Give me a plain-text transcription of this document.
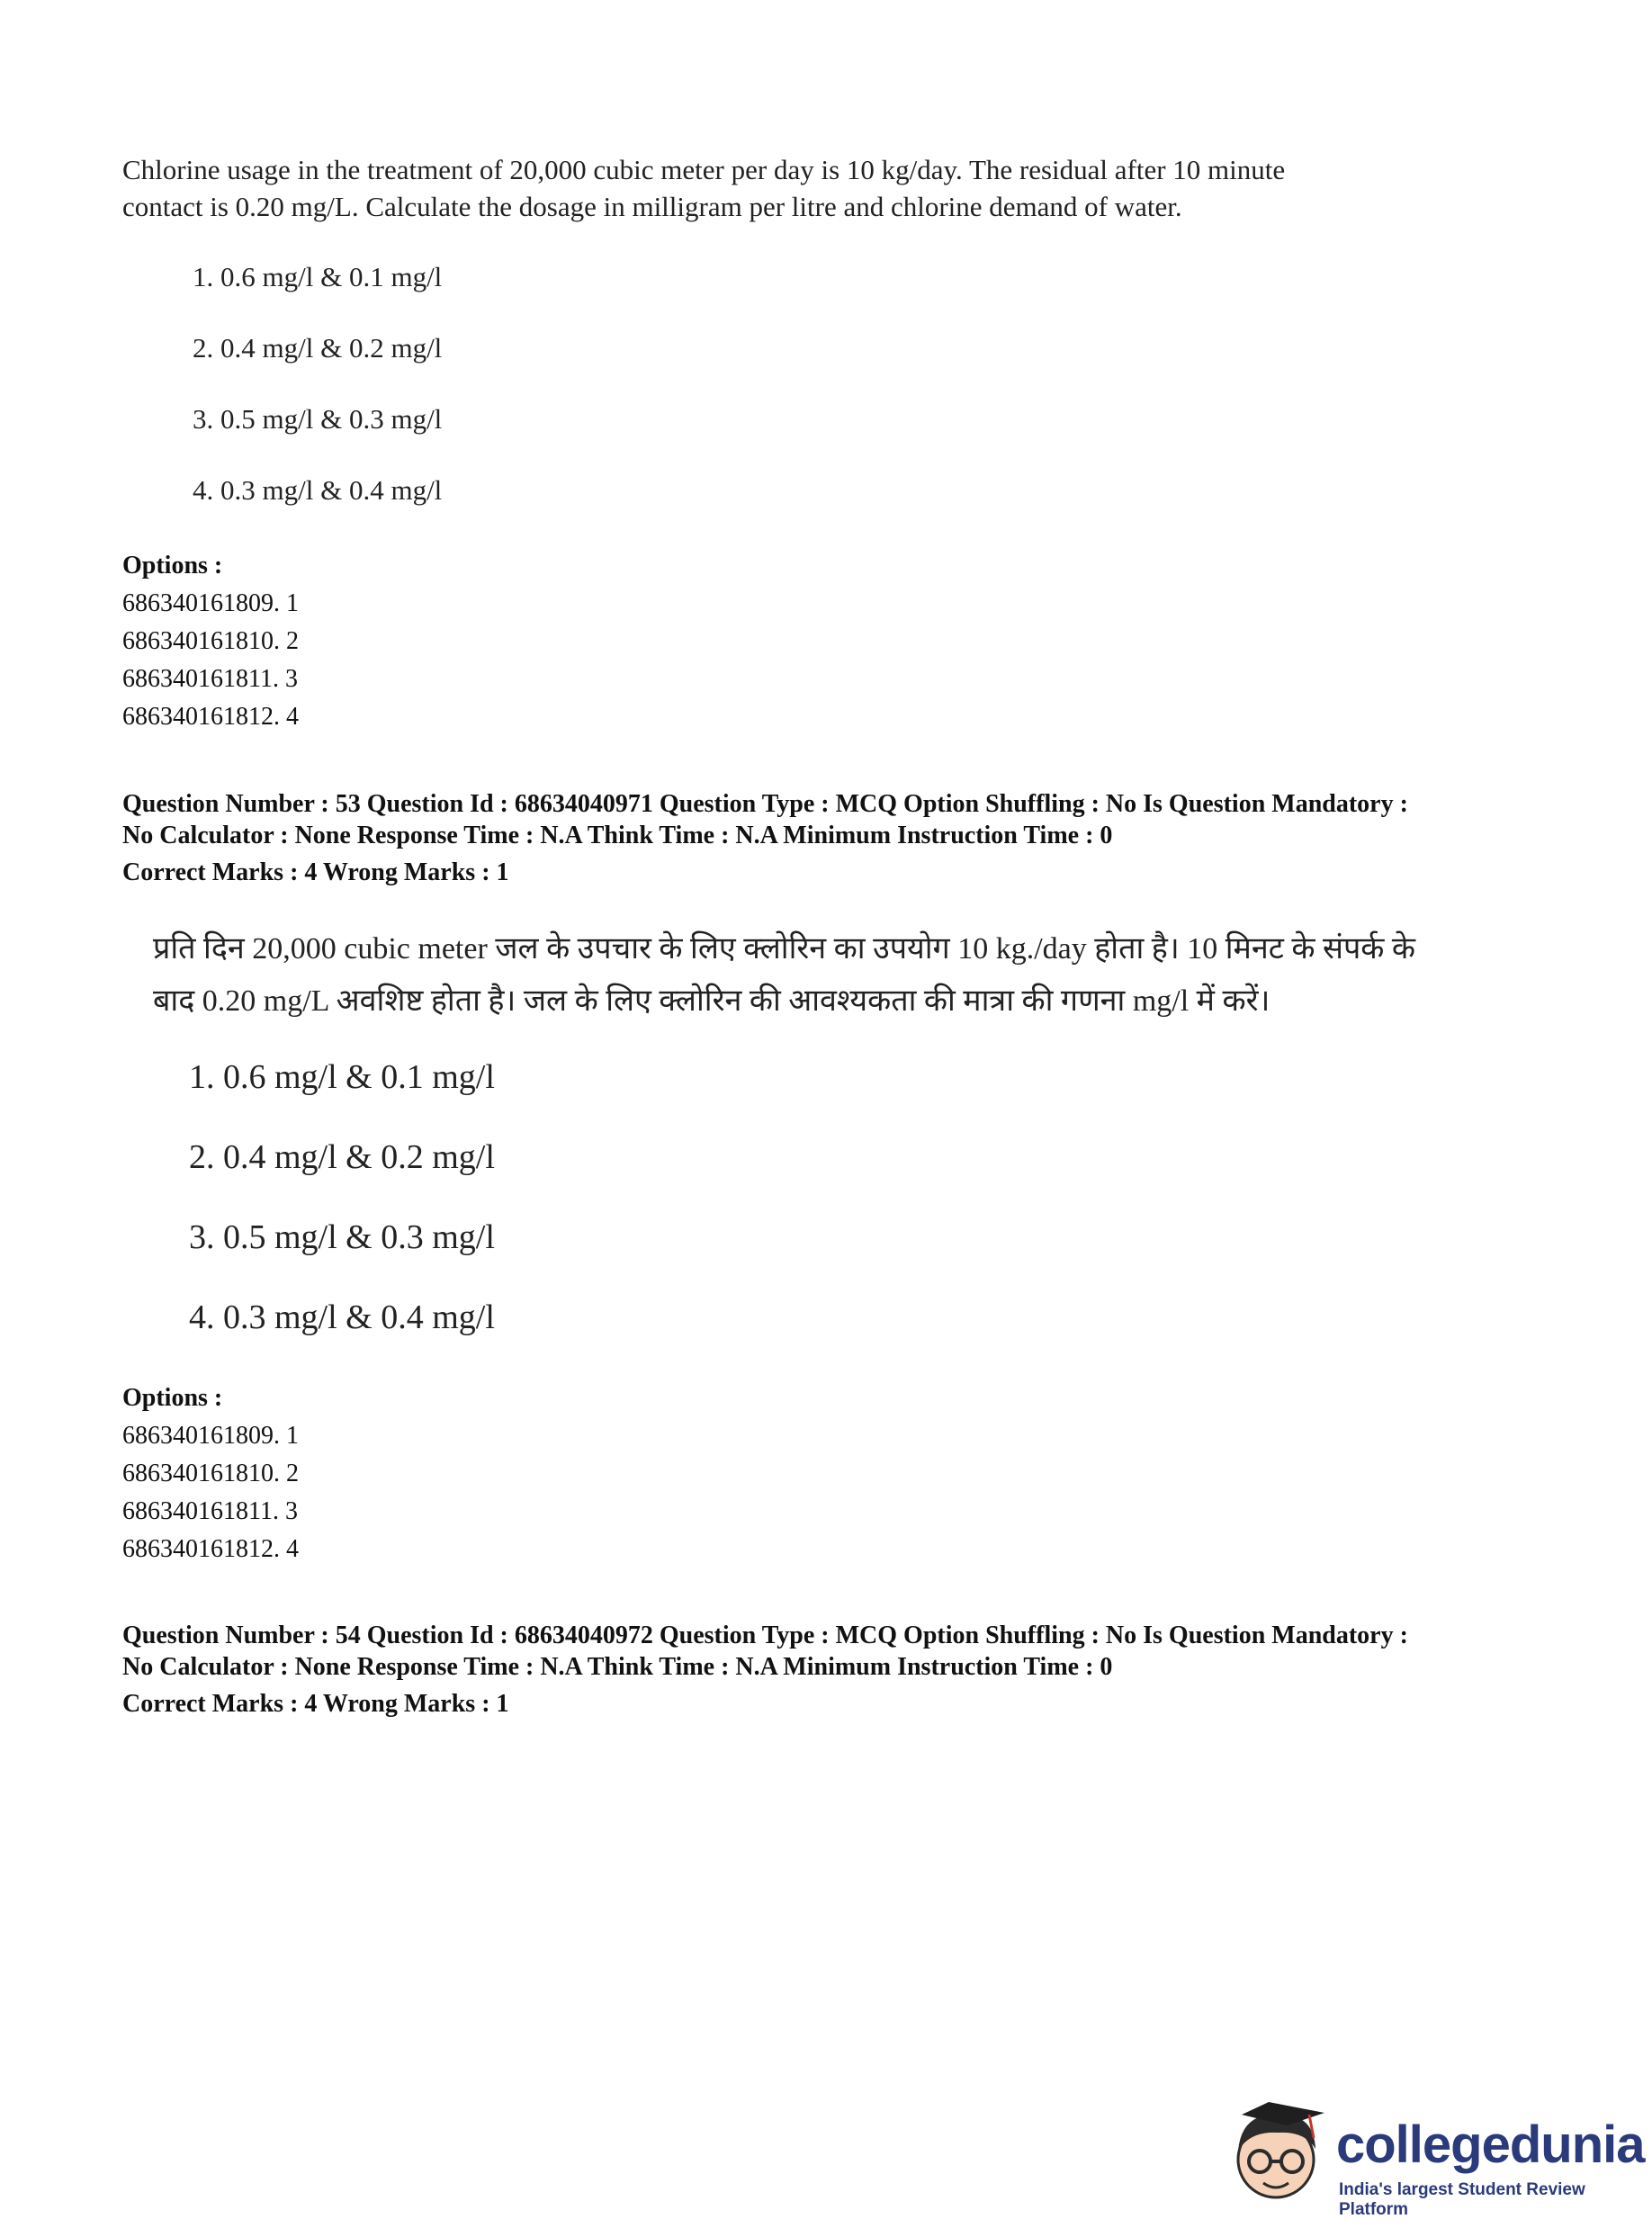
Chlorine usage in the treatment of 20,000 cubic meter per day is 10 kg/day. The residual after 10 minute
contact is 0.20 mg/L. Calculate the dosage in milligram per litre and chlorine demand of water.

1. 0.6 mg/l & 0.1 mg/l

2. 0.4 mg/l & 0.2 mg/l

3. 0.5 mg/l & 0.3 mg/l

4. 0.3 mg/l & 0.4 mg/l

Options :
686340161809. 1
686340161810. 2
686340161811. 3
686340161812. 4
Question Number : 53 Question Id : 68634040971 Question Type : MCQ Option Shuffling : No Is Question Mandatory :
No Calculator : None Response Time : N.A Think Time : N.A Minimum Instruction Time : 0
Correct Marks : 4 Wrong Marks : 1
प्रति दिन 20,000 cubic meter जल के उपचार के लिए क्लोरिन का उपयोग 10 kg./day होता है। 10 मिनट के संपर्क के
बाद 0.20 mg/L अवशिष्ट होता है। जल के लिए क्लोरिन की आवश्यकता की मात्रा की गणना mg/l में करें।

1. 0.6 mg/l & 0.1 mg/l

2. 0.4 mg/l & 0.2 mg/l

3. 0.5 mg/l & 0.3 mg/l

4. 0.3 mg/l & 0.4 mg/l

Options :
686340161809. 1
686340161810. 2
686340161811. 3
686340161812. 4
Question Number : 54 Question Id : 68634040972 Question Type : MCQ Option Shuffling : No Is Question Mandatory :
No Calculator : None Response Time : N.A Think Time : N.A Minimum Instruction Time : 0
Correct Marks : 4 Wrong Marks : 1
collegedunia
India's largest Student Review Platform
